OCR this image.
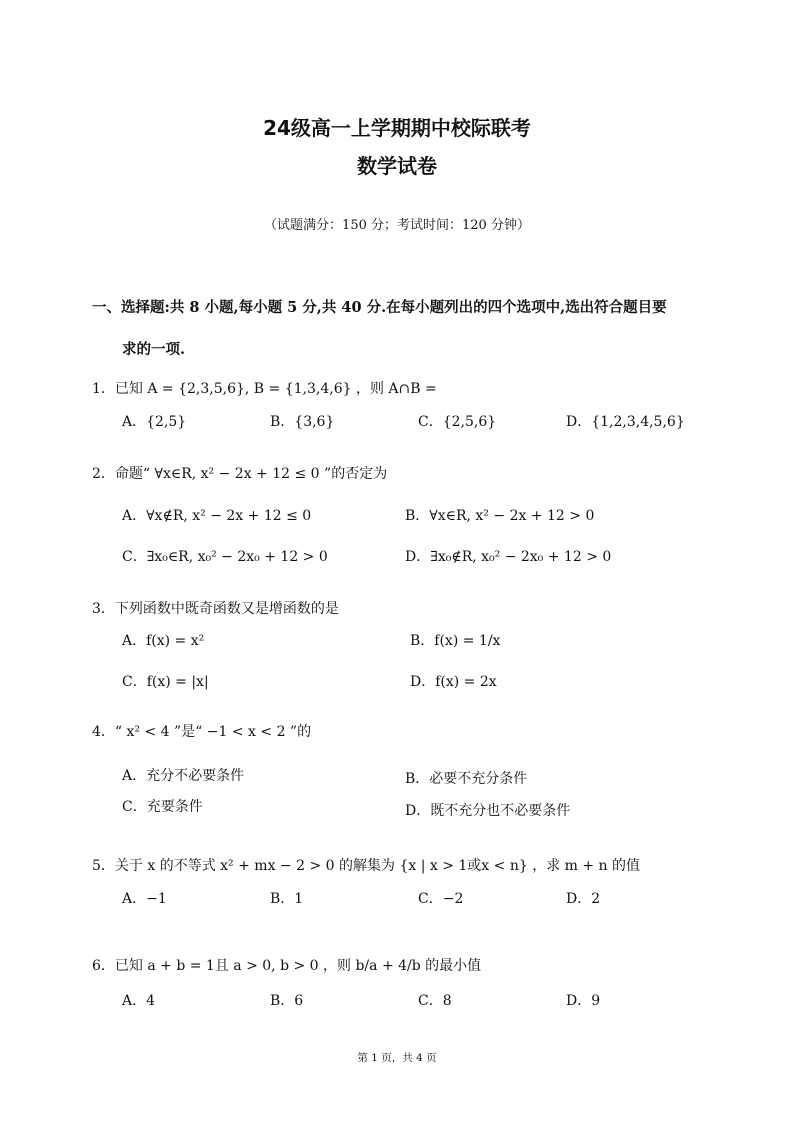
24级高一上学期期中校际联考
数学试卷
（试题满分：150 分；考试时间：120 分钟）
一、选择题:共 8 小题,每小题 5 分,共 40 分.在每小题列出的四个选项中,选出符合题目要
求的一项.
1．已知 A = {2,3,5,6}, B = {1,3,4,6} ，则 A∩B =
A．{2,5}	B．{3,6}	C．{2,5,6}	D．{1,2,3,4,5,6}
2．命题“ ∀x∈R, x² − 2x + 12 ≤ 0 ”的否定为
A．∀x∉R, x² − 2x + 12 ≤ 0	B．∀x∈R, x² − 2x + 12 > 0
C．∃x₀∈R, x₀² − 2x₀ + 12 > 0	D．∃x₀∉R, x₀² − 2x₀ + 12 > 0
3．下列函数中既奇函数又是增函数的是
A．f(x) = x²	B．f(x) = 1/x
C．f(x) = |x|	D．f(x) = 2x
4．“ x² < 4 ”是“ −1 < x < 2 ”的
A．充分不必要条件	B．必要不充分条件
C．充要条件	D．既不充分也不必要条件
5．关于 x 的不等式 x² + mx − 2 > 0 的解集为 {x | x > 1或x < n} ，求 m + n 的值
A．−1	B．1	C．−2	D．2
6．已知 a + b = 1且 a > 0, b > 0 ，则 b/a + 4/b 的最小值
A．4	B．6	C．8	D．9
第 1 页，共 4 页
